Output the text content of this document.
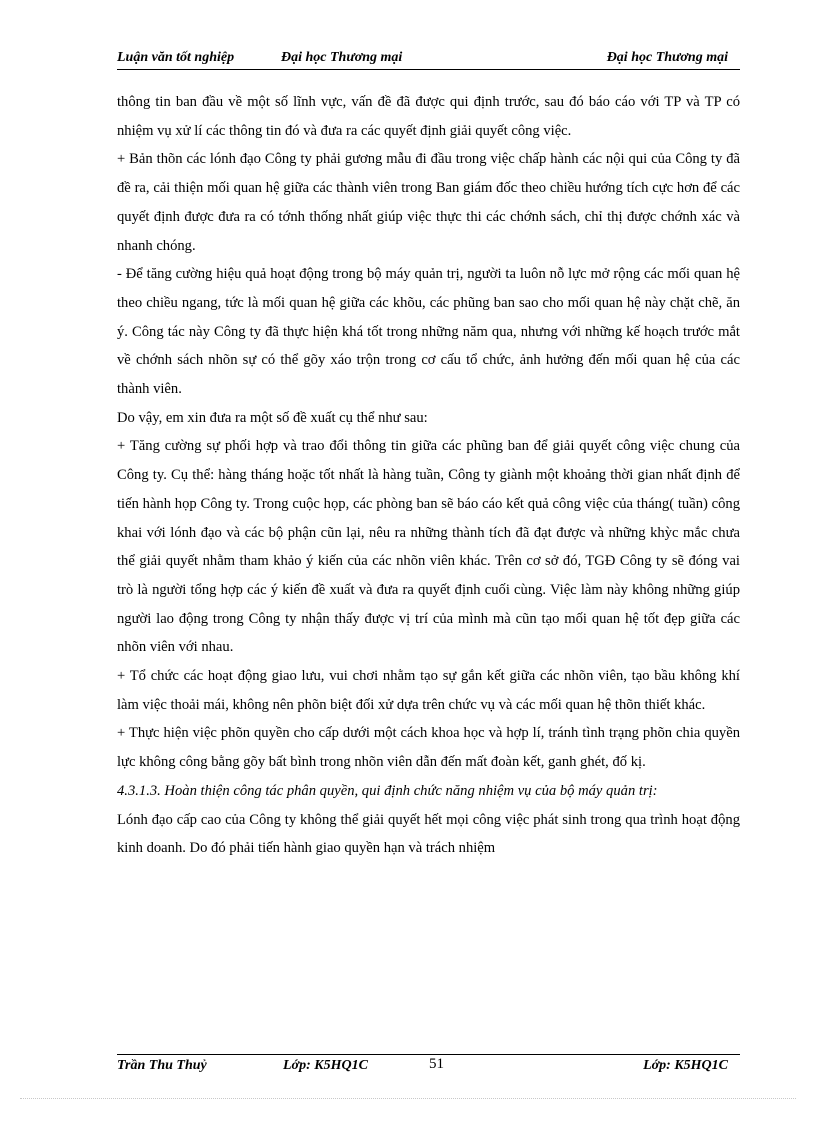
Luận văn tốt nghiệp	Đại học Thương mại	Đại học Thương mại

thông tin ban đầu về một số lĩnh vực, vấn đề đã được qui định trước, sau đó báo cáo với TP và TP có nhiệm vụ xử lí các thông tin đó và đưa ra các quyết định giải quyết công việc.

+ Bản thõn các lónh đạo Công ty phải gương mẫu đi đầu trong việc chấp hành các nội qui của Công ty đã đề ra, cải thiện mối quan hệ giữa các thành viên trong Ban giám đốc theo chiều hướng tích cực hơn để các quyết định được đưa ra có tớnh thống nhất giúp việc thực thi các chớnh sách, chỉ thị được chớnh xác và nhanh chóng.

- Để tăng cường hiệu quả hoạt động trong bộ máy quản trị, người ta luôn nỗ lực mở rộng các mối quan hệ theo chiều ngang, tức là mối quan hệ giữa các khõu, các phũng ban sao cho mối quan hệ này chặt chẽ, ăn ý. Công tác này Công ty đã thực hiện khá tốt trong những năm qua, nhưng với những kế hoạch trước mắt về chớnh sách nhõn sự có thể gõy xáo trộn trong cơ cấu tổ chức, ảnh hưởng đến mối quan hệ của các thành viên.

Do vậy, em xin đưa ra một số đề xuất cụ thể như sau:

+ Tăng cường sự phối hợp và trao đổi thông tin giữa các phũng ban để giải quyết công việc chung của Công ty. Cụ thể: hàng tháng hoặc tốt nhất là hàng tuần, Công ty giành một khoảng thời gian nhất định để tiến hành họp Công ty. Trong cuộc họp, các phòng ban sẽ báo cáo kết quả công việc của tháng( tuần) công khai với lónh đạo và các bộ phận cũn lại, nêu ra những thành tích đã đạt được và những khỳc mắc chưa thể giải quyết nhằm tham khảo ý kiến của các nhõn viên khác. Trên cơ sở đó, TGĐ Công ty sẽ đóng vai trò là người tổng hợp các ý kiến đề xuất và đưa ra quyết định cuối cùng. Việc làm này không những giúp người lao động trong Công ty nhận thấy được vị trí của mình mà cũn tạo mối quan hệ tốt đẹp giữa các nhõn viên với nhau.

+ Tổ chức các hoạt động giao lưu, vui chơi nhằm tạo sự gắn kết giữa các nhõn viên, tạo bầu không khí làm việc thoải mái, không nên phõn biệt đối xử dựa trên chức vụ và các mối quan hệ thõn thiết khác.

+ Thực hiện việc phõn quyền cho cấp dưới một cách khoa học và hợp lí, tránh tình trạng phõn chia quyền lực không công bằng gõy bất bình trong nhõn viên dẫn đến mất đoàn kết, ganh ghét, đố kị.

4.3.1.3. Hoàn thiện công tác phân quyền, qui định chức năng nhiệm vụ của bộ máy quản trị:

Lónh đạo cấp cao của Công ty không thể giải quyết hết mọi công việc phát sinh trong qua trình hoạt động kinh doanh. Do đó phải tiến hành giao quyền hạn và trách nhiệm

Trần Thu Thuỷ	Lớp: K5HQ1C	51	Lớp: K5HQ1C
